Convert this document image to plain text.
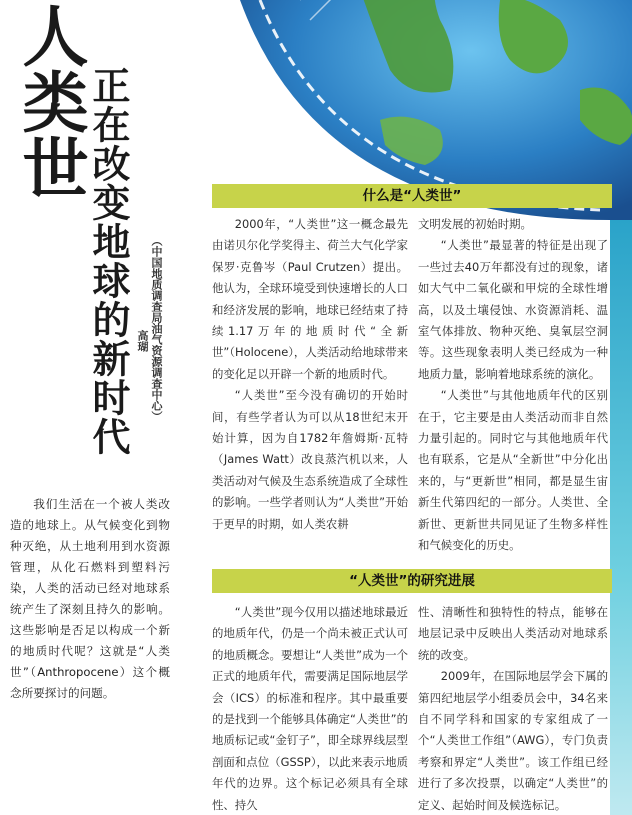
人类世
正在改变地球的新时代 （中国地质调查局油气资源调查中心）
高瑚

我们生活在一个被人类改造的地球上。从气候变化到物种灭绝，从土地利用到水资源管理，从化石燃料到塑料污染，人类的活动已经对地球系统产生了深刻且持久的影响。这些影响是否足以构成一个新的地质时代呢？这就是“人类世”（Anthropocene）这个概念所要探讨的问题。

什么是“人类世”

2000年，“人类世”这一概念最先由诺贝尔化学奖得主、荷兰大气化学家保罗·克鲁岑（Paul Crutzen）提出。他认为，全球环境受到快速增长的人口和经济发展的影响，地球已经结束了持续1.17万年的地质时代“全新世”（Holocene），人类活动给地球带来的变化足以开辟一个新的地质时代。

“人类世”至今没有确切的开始时间，有些学者认为可以从18世纪末开始计算，因为自1782年詹姆斯·瓦特（James Watt）改良蒸汽机以来，人类活动对气候及生态系统造成了全球性的影响。一些学者则认为“人类世”开始于更早的时期，如人类农耕

文明发展的初始时期。

“人类世”最显著的特征是出现了一些过去40万年都没有过的现象，诸如大气中二氧化碳和甲烷的全球性增高，以及土壤侵蚀、水资源消耗、温室气体排放、物种灭绝、臭氧层空洞等。这些现象表明人类已经成为一种地质力量，影响着地球系统的演化。

“人类世”与其他地质年代的区别在于，它主要是由人类活动而非自然力量引起的。同时它与其他地质年代也有联系，它是从“全新世”中分化出来的，与“更新世”相同，都是显生宙新生代第四纪的一部分。人类世、全新世、更新世共同见证了生物多样性和气候变化的历史。

“人类世”的研究进展

“人类世”现今仅用以描述地球最近的地质年代，仍是一个尚未被正式认可的地质概念。要想让“人类世”成为一个正式的地质年代，需要满足国际地层学会（ICS）的标准和程序。其中最重要的是找到一个能够具体确定“人类世”的地质标记或“金钉子”，即全球界线层型剖面和点位（GSSP），以此来表示地质年代的边界。这个标记必须具有全球性、持久

性、清晰性和独特性的特点，能够在地层记录中反映出人类活动对地球系统的改变。

2009年，在国际地层学会下属的第四纪地层学小组委员会中，34名来自不同学科和国家的专家组成了一个“人类世工作组”（AWG），专门负责考察和界定“人类世”。该工作组已经进行了多次投票，以确定“人类世”的定义、起始时间及候选标记。
